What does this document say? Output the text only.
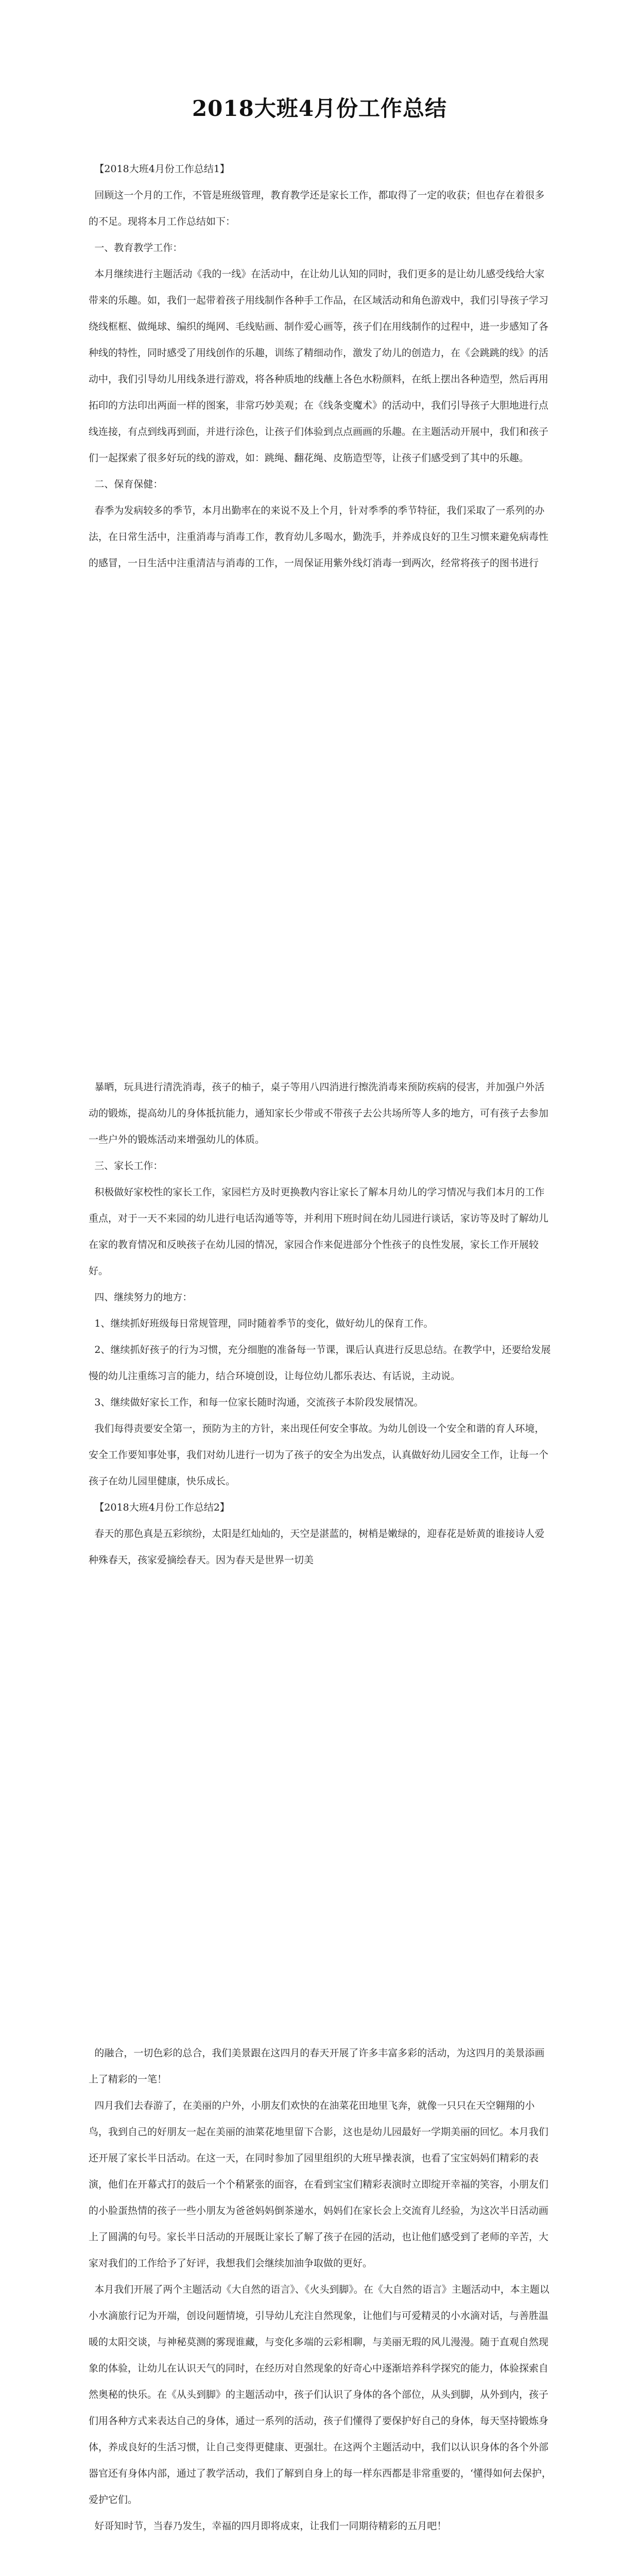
2018大班4月份工作总结

【2018大班4月份工作总结1】

回顾这一个月的工作，不管是班级管理，教育教学还是家长工作，都取得了一定的收获；但也存在着很多的不足。现将本月工作总结如下：

一、教育教学工作：

本月继续进行主题活动《我的一线》在活动中，在让幼儿认知的同时，我们更多的是让幼儿感受线给大家带来的乐趣。如，我们一起带着孩子用线制作各种手工作品，在区域活动和角色游戏中，我们引导孩子学习绕线框框、做绳球、编织的绳网、毛线贴画、制作爱心画等，孩子们在用线制作的过程中，进一步感知了各种线的特性，同时感受了用线创作的乐趣，训练了精细动作，激发了幼儿的创造力，在《会跳跳的线》的活动中，我们引导幼儿用线条进行游戏，将各种质地的线蘸上各色水粉颜料，在纸上摆出各种造型，然后再用拓印的方法印出两面一样的图案，非常巧妙美观；在《线条变魔术》的活动中，我们引导孩子大胆地进行点线连接，有点到线再到面，并进行涂色，让孩子们体验到点点画画的乐趣。在主题活动开展中，我们和孩子们一起探索了很多好玩的线的游戏，如：跳绳、翻花绳、皮筋造型等，让孩子们感受到了其中的乐趣。

二、保育保健：

春季为发病较多的季节，本月出勤率在的来说不及上个月，针对季季的季节特征，我们采取了一系列的办法，在日常生活中，注重消毒与消毒工作，教育幼儿多喝水，勤洗手，并养成良好的卫生习惯来避免病毒性的感冒，一日生活中注重清洁与消毒的工作，一周保证用紫外线灯消毒一到两次，经常将孩子的图书进行

暴晒，玩具进行清洗消毒，孩子的柚子，桌子等用八四消进行擦洗消毒来预防疾病的侵害，并加强户外活动的锻炼，提高幼儿的身体抵抗能力，通知家长少带或不带孩子去公共场所等人多的地方，可有孩子去参加一些户外的锻炼活动来增强幼儿的体质。

三、家长工作：

积极做好家校性的家长工作，家园栏方及时更换教内容让家长了解本月幼儿的学习情况与我们本月的工作重点，对于一天不来园的幼儿进行电话沟通等等，并利用下班时间在幼儿园进行谈话，家访等及时了解幼儿在家的教育情况和反映孩子在幼儿园的情况，家园合作来促进部分个性孩子的良性发展，家长工作开展较好。

四、继续努力的地方：

1、继续抓好班级每日常规管理，同时随着季节的变化，做好幼儿的保育工作。

2、继续抓好孩子的行为习惯，充分细胞的准备每一节课，课后认真进行反思总结。在教学中，还要给发展慢的幼儿注重练习言的能力，结合环境创设，让每位幼儿都乐表达、有话说，主动说。

3、继续做好家长工作，和每一位家长随时沟通，交流孩子本阶段发展情况。

我们每得责要安全第一，预防为主的方针，来出现任何安全事故。为幼儿创设一个安全和谐的育人环境，安全工作要知事处事，我们对幼儿进行一切为了孩子的安全为出发点，认真做好幼儿园安全工作，让每一个孩子在幼儿园里健康，快乐成长。

【2018大班4月份工作总结2】

春天的那色真是五彩缤纷，太阳是红灿灿的，天空是湛蓝的，树梢是嫩绿的，迎春花是娇黄的谁接诗人爱种殊春天，孩家爱摘绘春天。因为春天是世界一切美

的融合，一切色彩的总合，我们美景跟在这四月的春天开展了许多丰富多彩的活动，为这四月的美景添画上了精彩的一笔！

四月我们去春游了，在美丽的户外，小朋友们欢快的在油菜花田地里飞奔，就像一只只在天空翱翔的小鸟，我到自己的好朋友一起在美丽的油菜花地里留下合影，这也是幼儿园最好一学期美丽的回忆。本月我们还开展了家长半日活动。在这一天，在同时参加了园里组织的大班早操表演，也看了宝宝妈妈们精彩的表演，他们在开幕式打的鼓后一个个稍紧张的面容，在看到宝宝们精彩表演时立即绽开幸福的笑容，小朋友们的小脸蛋热情的孩子一些小朋友为爸爸妈妈倒茶递水，妈妈们在家长会上交流育儿经验，为这次半日活动画上了圆满的句号。家长半日活动的开展既让家长了解了孩子在园的活动，也让他们感受到了老师的辛苦，大家对我们的工作给予了好评，我想我们会继续加油争取做的更好。

本月我们开展了两个主题活动《大自然的语言》、《火头到脚》。在《大自然的语言》主题活动中，本主题以小水滴旅行记为开端，创设问题情境，引导幼儿充注自然现象，让他们与可爱精灵的小水滴对话，与善胜温暖的太阳交谈，与神秘莫测的雾现谁藏，与变化多端的云彩相聊，与美丽无瑕的风儿漫漫。随于直观自然现象的体验，让幼儿在认识天气的同时，在经历对自然现象的好奇心中逐渐培养科学探究的能力，体验探索自然奥秘的快乐。在《从头到脚》的主题活动中，孩子们认识了身体的各个部位，从头到脚，从外到内，孩子们用各种方式来表达自己的身体，通过一系列的活动，孩子们懂得了要保护好自己的身体，每天坚持锻炼身体，养成良好的生活习惯，让自己变得更健康、更强壮。在这两个主题活动中，我们以认识身体的各个外部器官还有身体内部，通过了教学活动，我们了解到自身上的每一样东西都是非常重要的，‘懂得如何去保护，爱护它们。

好哥知时节，当春乃发生，幸福的四月即将成束，让我们一同期待精彩的五月吧！
